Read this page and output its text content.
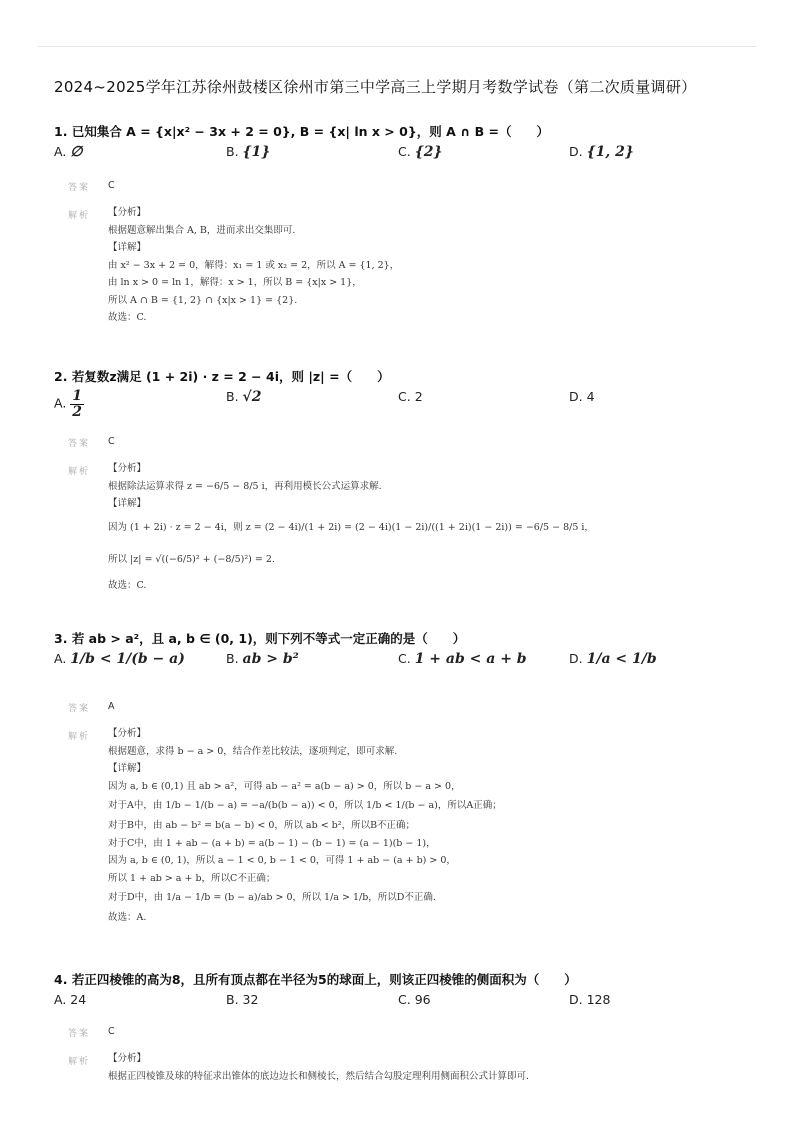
2024~2025学年江苏徐州鼓楼区徐州市第三中学高三上学期月考数学试卷（第二次质量调研）
1. 已知集合 A = {x|x² − 3x + 2 = 0}, B = {x| ln x > 0}，则 A ∩ B =（　　）
A. ∅	B. {1}	C. {2}	D. {1, 2}
答案 C
解析 【分析】
根据题意解出集合 A, B，进而求出交集即可.
【详解】
由 x² − 3x + 2 = 0，解得：x₁ = 1 或 x₂ = 2，所以 A = {1, 2}，
由 ln x > 0 = ln 1，解得：x > 1，所以 B = {x|x > 1}，
所以 A ∩ B = {1, 2} ∩ {x|x > 1} = {2}.
故选：C.
2. 若复数z满足 (1 + 2i) · z = 2 − 4i，则 |z| =（　　）
A. $\frac{1}{2}$	B. √2	C. 2	D. 4
答案 C
解析 【分析】
根据除法运算求得 z = −6/5 − 8/5 i，再利用模长公式运算求解.
【详解】
因为 (1 + 2i) · z = 2 − 4i，则 z = (2 − 4i)/(1 + 2i) = (2 − 4i)(1 − 2i)/((1 + 2i)(1 − 2i)) = −6/5 − 8/5 i，
所以 |z| = √((−6/5)² + (−8/5)²) = 2.
故选：C.
3. 若 ab > a²，且 a, b ∈ (0, 1)，则下列不等式一定正确的是（　　）
A. 1/b < 1/(b − a)	B. ab > b²	C. 1 + ab < a + b	D. 1/a < 1/b
答案 A
解析 【分析】
根据题意，求得 b − a > 0，结合作差比较法，逐项判定，即可求解.
【详解】
因为 a, b ∈ (0,1) 且 ab > a²，可得 ab − a² = a(b − a) > 0，所以 b − a > 0，
对于A中，由 1/b − 1/(b − a) = −a/(b(b − a)) < 0，所以 1/b < 1/(b − a)，所以A正确；
对于B中，由 ab − b² = b(a − b) < 0，所以 ab < b²，所以B不正确；
对于C中，由 1 + ab − (a + b) = a(b − 1) − (b − 1) = (a − 1)(b − 1)，
因为 a, b ∈ (0, 1)，所以 a − 1 < 0, b − 1 < 0，可得 1 + ab − (a + b) > 0，
所以 1 + ab > a + b，所以C不正确；
对于D中，由 1/a − 1/b = (b − a)/ab > 0，所以 1/a > 1/b，所以D不正确.
故选：A.
4. 若正四棱锥的高为8，且所有顶点都在半径为5的球面上，则该正四棱锥的侧面积为（　　）
A. 24	B. 32	C. 96	D. 128
答案 C
解析 【分析】
根据正四棱锥及球的特征求出锥体的底边边长和侧棱长，然后结合勾股定理利用侧面积公式计算即可.
